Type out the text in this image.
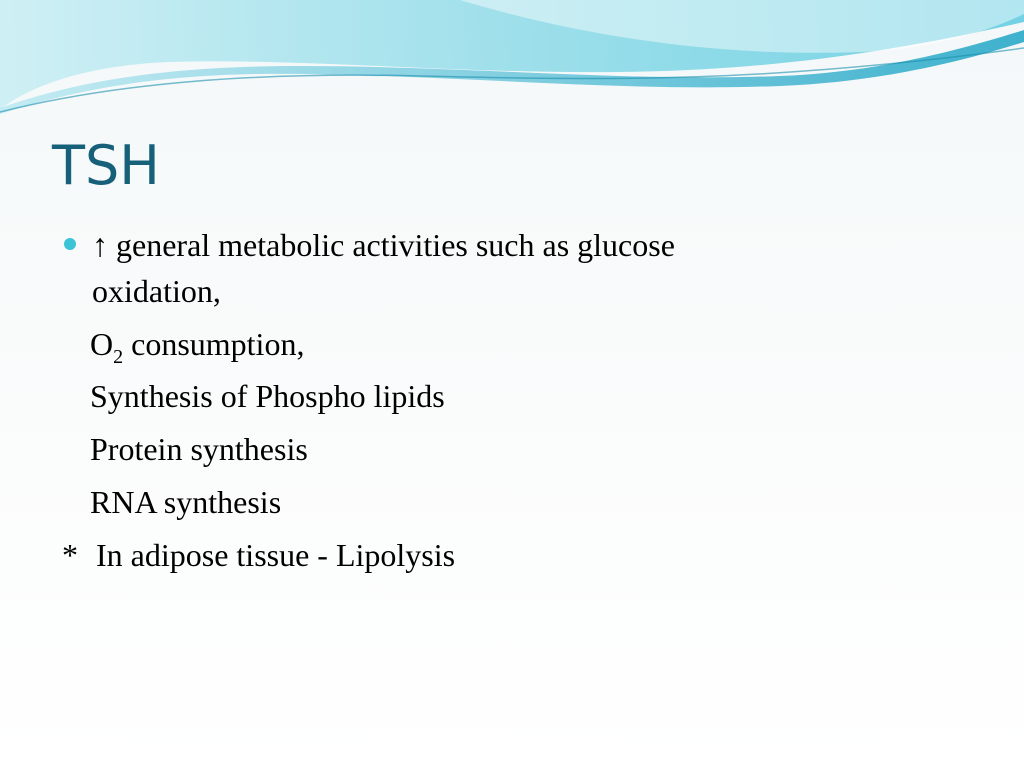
TSH
↑ general metabolic activities such as glucose
oxidation,
$O_2$ consumption,
Synthesis of Phospho lipids
Protein synthesis
RNA synthesis
* In adipose tissue - Lipolysis
